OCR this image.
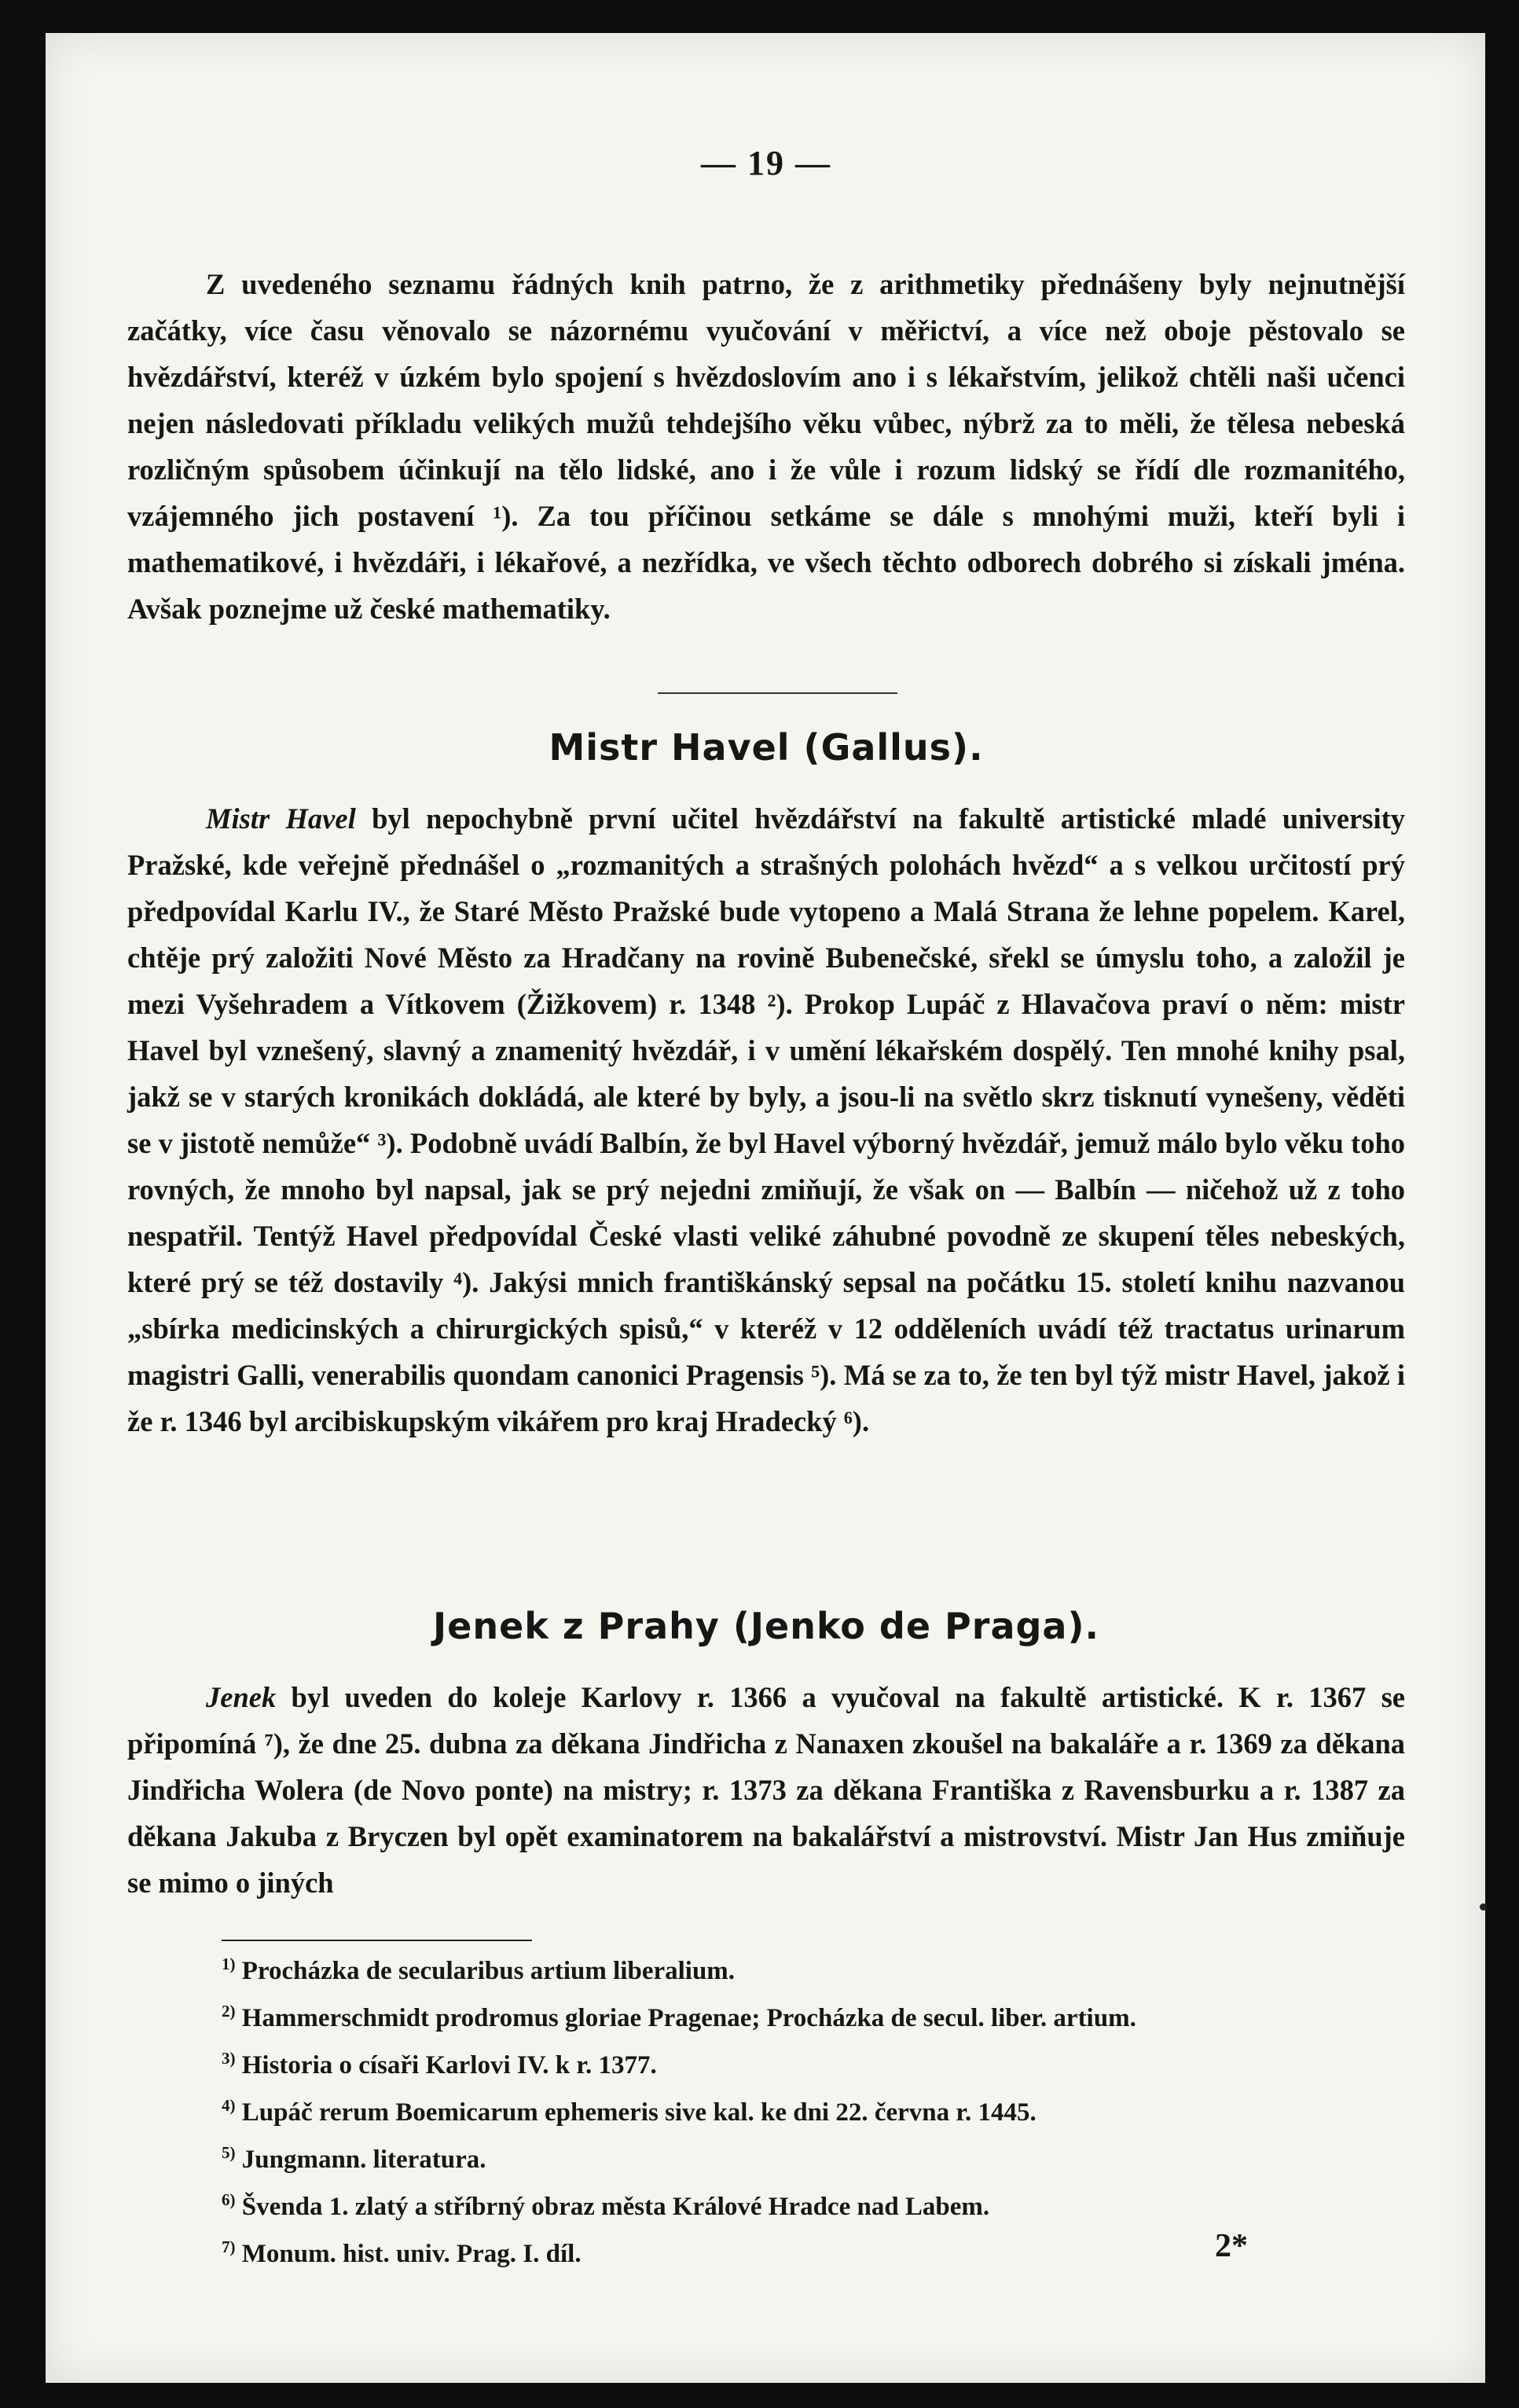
— 19 —

Z uvedeného seznamu řádných knih patrno, že z arithmetiky přednášeny byly nejnutnější začátky, více času věnovalo se názornému vyučování v měřictví, a více než oboje pěstovalo se hvězdářství, kteréž v úzkém bylo spojení s hvězdoslovím ano i s lékařstvím, jelikož chtěli naši učenci nejen následovati příkladu velikých mužů tehdejšího věku vůbec, nýbrž za to měli, že tělesa nebeská rozličným spůsobem účinkují na tělo lidské, ano i že vůle i rozum lidský se řídí dle rozmanitého, vzájemného jich postavení ¹). Za tou příčinou setkáme se dále s mnohými muži, kteří byli i mathematikové, i hvězdáři, i lékařové, a nezřídka, ve všech těchto odborech dobrého si získali jména. Avšak poznejme už české mathematiky.

Mistr Havel (Gallus).

Mistr Havel byl nepochybně první učitel hvězdářství na fakultě artistické mladé university Pražské, kde veřejně přednášel o „rozmanitých a strašných polohách hvězd“ a s velkou určitostí prý předpovídal Karlu IV., že Staré Město Pražské bude vytopeno a Malá Strana že lehne popelem. Karel, chtěje prý založiti Nové Město za Hradčany na rovině Bubenečské, sřekl se úmyslu toho, a založil je mezi Vyšehradem a Vítkovem (Žižkovem) r. 1348 ²). Prokop Lupáč z Hlavačova praví o něm: mistr Havel byl vznešený, slavný a znamenitý hvězdář, i v umění lékařském dospělý. Ten mnohé knihy psal, jakž se v starých kronikách dokládá, ale které by byly, a jsou-li na světlo skrz tisknutí vynešeny, věděti se v jistotě nemůže“ ³). Podobně uvádí Balbín, že byl Havel výborný hvězdář, jemuž málo bylo věku toho rovných, že mnoho byl napsal, jak se prý nejedni zmiňují, že však on — Balbín — ničehož už z toho nespatřil. Tentýž Havel předpovídal České vlasti veliké záhubné povodně ze skupení těles nebeských, které prý se též dostavily ⁴). Jakýsi mnich františkánský sepsal na počátku 15. století knihu nazvanou „sbírka medicinských a chirurgických spisů,“ v kteréž v 12 odděleních uvádí též tractatus urinarum magistri Galli, venerabilis quondam canonici Pragensis ⁵). Má se za to, že ten byl týž mistr Havel, jakož i že r. 1346 byl arcibiskupským vikářem pro kraj Hradecký ⁶).

Jenek z Prahy (Jenko de Praga).

Jenek byl uveden do koleje Karlovy r. 1366 a vyučoval na fakultě artistické. K r. 1367 se připomíná ⁷), že dne 25. dubna za děkana Jindřicha z Nanaxen zkoušel na bakaláře a r. 1369 za děkana Jindřicha Wolera (de Novo ponte) na mistry; r. 1373 za děkana Františka z Ravensburku a r. 1387 za děkana Jakuba z Bryczen byl opět examinatorem na bakalářství a mistrovství. Mistr Jan Hus zmiňuje se mimo o jiných

$^{1)}$ Procházka de secularibus artium liberalium.
$^{2)}$ Hammerschmidt prodromus gloriae Pragenae; Procházka de secul. liber. artium.
$^{3)}$ Historia o císaři Karlovi IV. k r. 1377.
$^{4)}$ Lupáč rerum Boemicarum ephemeris sive kal. ke dni 22. června r. 1445.
$^{5)}$ Jungmann. literatura.
$^{6)}$ Švenda 1. zlatý a stříbrný obraz města Králové Hradce nad Labem.
$^{7)}$ Monum. hist. univ. Prag. I. díl.	2*
